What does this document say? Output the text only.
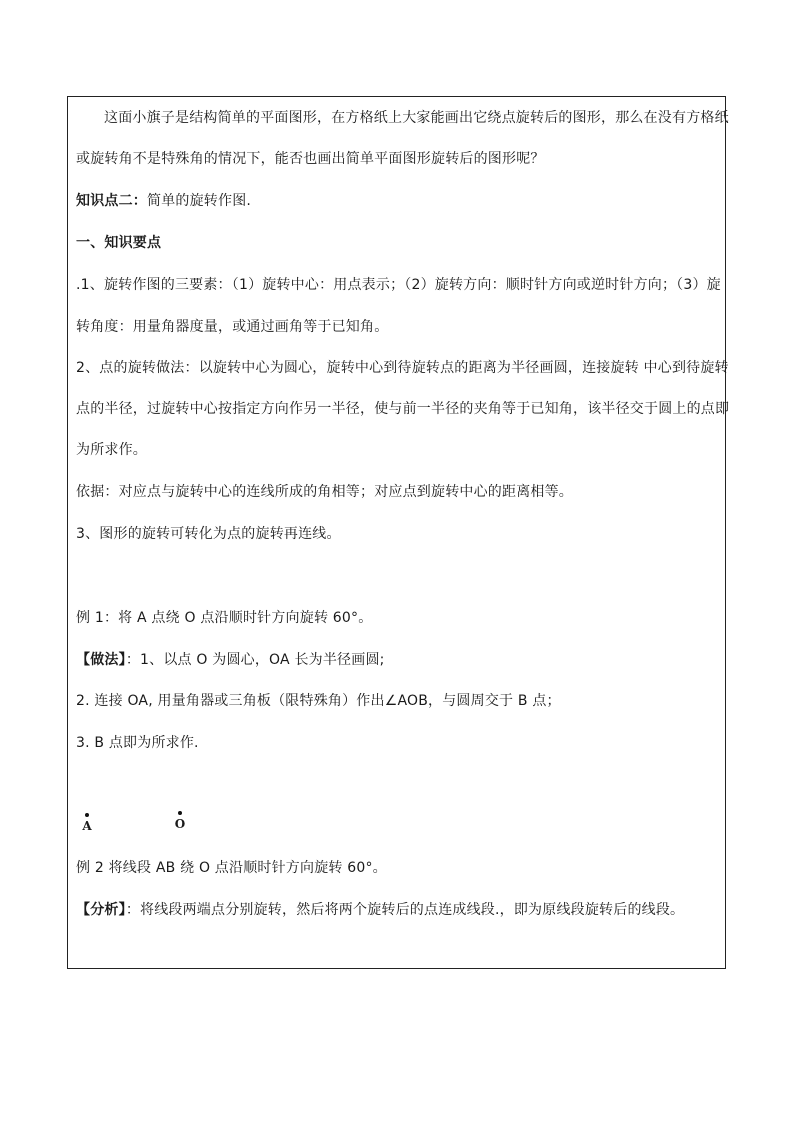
这面小旗子是结构简单的平面图形，在方格纸上大家能画出它绕点旋转后的图形，那么在没有方格纸
或旋转角不是特殊角的情况下，能否也画出简单平面图形旋转后的图形呢？
知识点二：简单的旋转作图.
一、知识要点
.1、旋转作图的三要素：（1）旋转中心：用点表示；（2）旋转方向：顺时针方向或逆时针方向；（3）旋
转角度：用量角器度量，或通过画角等于已知角。
2、点的旋转做法：以旋转中心为圆心，旋转中心到待旋转点的距离为半径画圆，连接旋转 中心到待旋转
点的半径，过旋转中心按指定方向作另一半径，使与前一半径的夹角等于已知角，该半径交于圆上的点即
为所求作。
依据：对应点与旋转中心的连线所成的角相等；对应点到旋转中心的距离相等。
3、图形的旋转可转化为点的旋转再连线。
例 1：将 A 点绕 O 点沿顺时针方向旋转 60°。
【做法】：1、以点 O 为圆心，OA 长为半径画圆;
2. 连接 OA, 用量角器或三角板（限特殊角）作出∠AOB，与圆周交于 B 点；
3. B 点即为所求作.
A	O
例 2 将线段 AB 绕 O 点沿顺时针方向旋转 60°。
【分析】：将线段两端点分别旋转，然后将两个旋转后的点连成线段.，即为原线段旋转后的线段。
